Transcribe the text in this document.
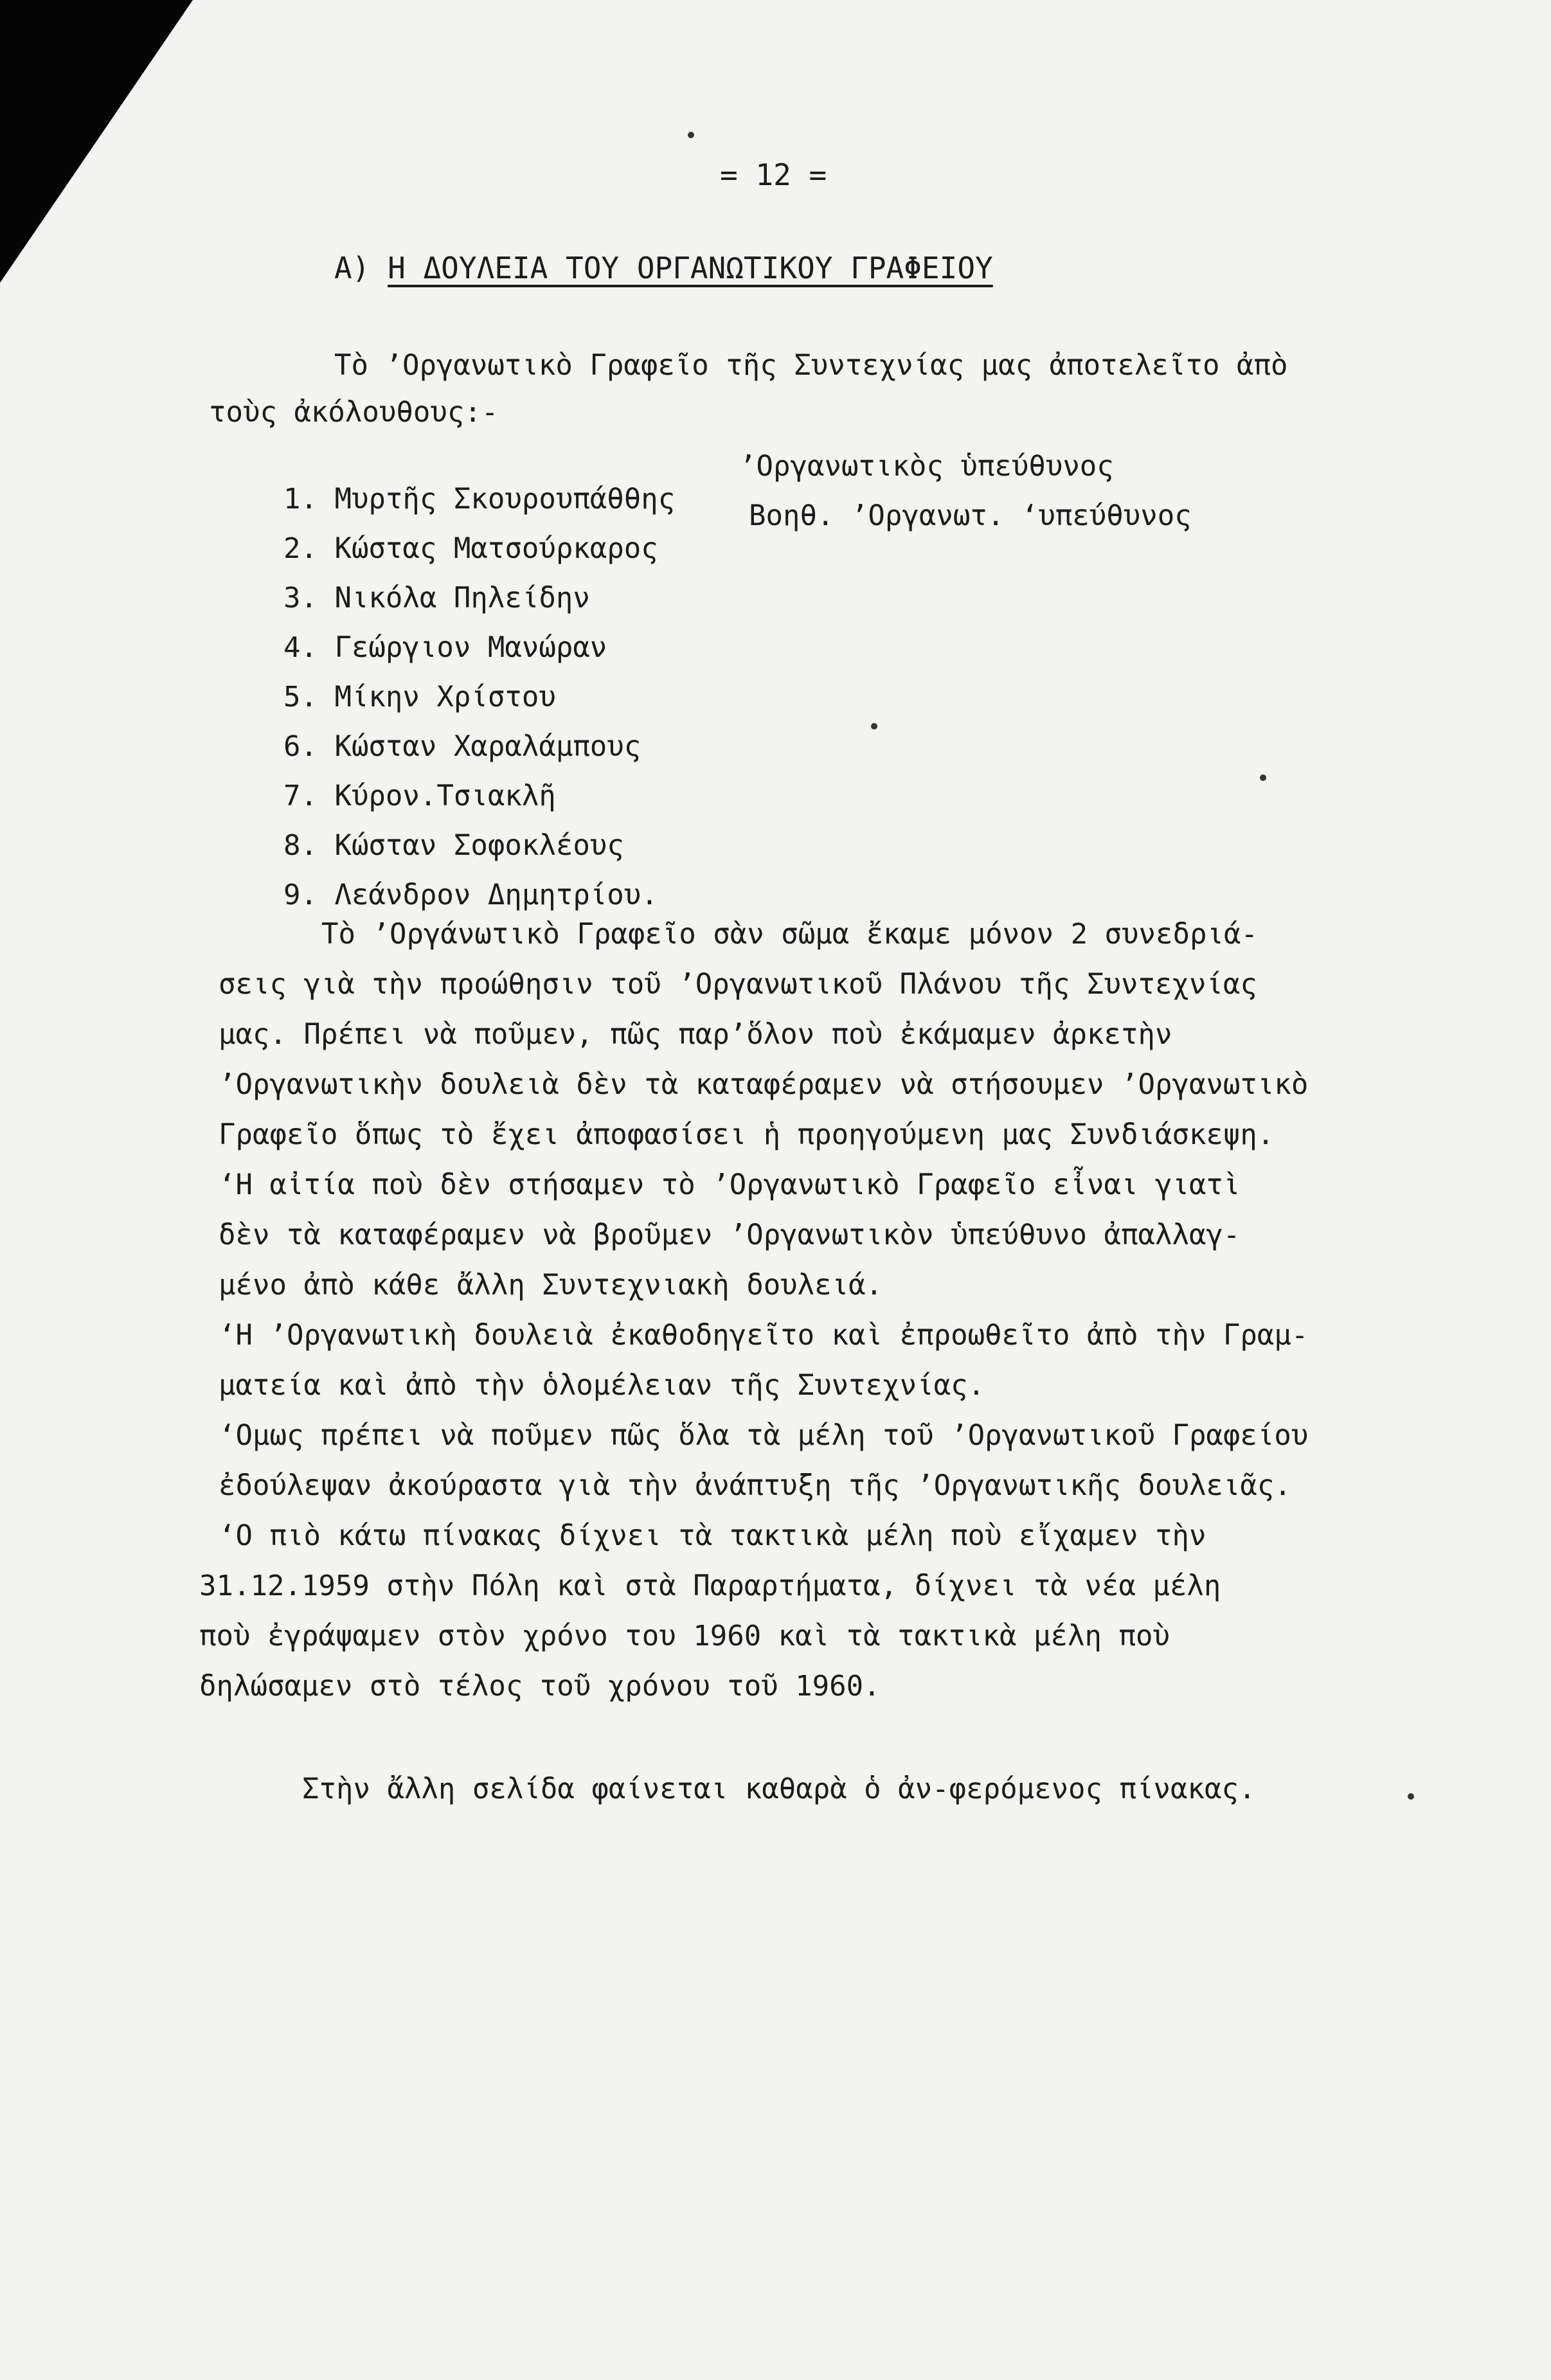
= 12 =
A) Η ΔΟΥΛΕΙΑ ΤΟΥ ΟΡΓΑΝΩΤΙΚΟΥ ΓΡΑΦΕΙΟΥ
Τὸ ’Οργανωτικὸ Γραφεῖο τῆς Συντεχνίας μας ἀποτελεῖτο ἀπὸ
τοὺς ἀκόλουθους:-

1. Μυρτῆς Σκουρουπάθθης

’Οργανωτικὸς ὑπεύθυνος

2. Κώστας Ματσούρκαρος

Βοηθ. ’Οργανωτ. ‘υπεύθυνος

3. Νικόλα Πηλείδην

4. Γεώργιον Μανώραν

5. Μίκην Χρίστου

6. Κώσταν Χαραλάμπους

7. Κύρον.Τσιακλῆ

8. Κώσταν Σοφοκλέους

9. Λεάνδρον Δημητρίου.

Τὸ ’Οργάνωτικὸ Γραφεῖο σὰν σῶμα ἔκαμε μόνον 2 συνεδριά-
σεις γιὰ τὴν προώθησιν τοῦ ’Οργανωτικοῦ Πλάνου τῆς Συντεχνίας
μας. Πρέπει νὰ ποῦμεν, πῶς παρ’ὅλον ποὺ ἐκάμαμεν ἀρκετὴν
’Οργανωτικὴν δουλειὰ δὲν τὰ καταφέραμεν νὰ στήσουμεν ’Οργανωτικὸ
Γραφεῖο ὅπως τὸ ἔχει ἀποφασίσει ἡ προηγούμενη μας Συνδιάσκεψη.
‘Η αἰτία ποὺ δὲν στήσαμεν τὸ ’Οργανωτικὸ Γραφεῖο εἶναι γιατὶ
δὲν τὰ καταφέραμεν νὰ βροῦμεν ’Οργανωτικὸν ὑπεύθυνο ἀπαλλαγ-
μένο ἀπὸ κάθε ἄλλη Συντεχνιακὴ δουλειά.
‘Η ’Οργανωτικὴ δουλειὰ ἐκαθοδηγεῖτο καὶ ἐπροωθεῖτο ἀπὸ τὴν Γραμ-
ματεία καὶ ἀπὸ τὴν ὁλομέλειαν τῆς Συντεχνίας.
‘Ομως πρέπει νὰ ποῦμεν πῶς ὅλα τὰ μέλη τοῦ ’Οργανωτικοῦ Γραφείου
ἐδούλεψαν ἀκούραστα γιὰ τὴν ἀνάπτυξη τῆς ’Οργανωτικῆς δουλειᾶς.
‘Ο πιὸ κάτω πίνακας δίχνει τὰ τακτικὰ μέλη ποὺ εἴχαμεν τὴν
31.12.1959 στὴν Πόλη καὶ στὰ Παραρτήματα, δίχνει τὰ νέα μέλη
ποὺ ἐγράψαμεν στὸν χρόνο του 1960 καὶ τὰ τακτικὰ μέλη ποὺ
δηλώσαμεν στὸ τέλος τοῦ χρόνου τοῦ 1960.
Στὴν ἄλλη σελίδα φαίνεται καθαρὰ ὁ ἀν-φερόμενος πίνακας.
